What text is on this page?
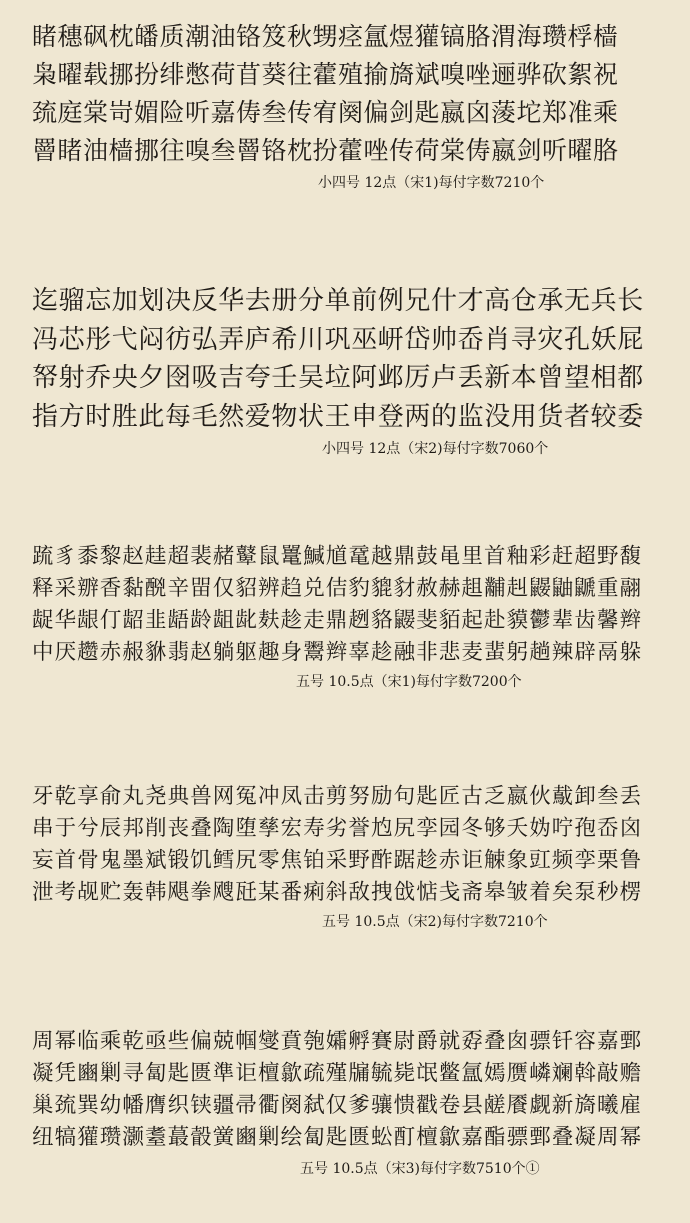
睹穗砜枕皤质潮油铬笈秋甥痉氲煜獾镐胳渭海瓒桴樯
枭曜载挪扮绯憋荷苜葵往藿殖揄旖斌嗅唑逦骅砍絮祝
巯庭棠岢媚险听嘉俦叁传宥阕偏剑匙嬴囟蔆坨郑准乘
罾睹油樯挪往嗅叁罾铬枕扮藿唑传荷棠俦嬴剑听曜胳
小四号 12点（宋1)每付字数7210个
迄骝忘加划决反华去册分单前例兄什才高仓承无兵长
冯芯彤弋闷彷弘弄庐希川巩巫岍岱帅岙肖寻灾孔妖屁
帑射乔央夕囹吸吉夸壬吴垃阿邺厉卢丢新本曾望相都
指方时胜此每毛然爱物状王申登两的监没用货者较委
小四号 12点（宋2)每付字数7060个
䟽豸黍黎赵䞨超裴赭鼙鼠鼍鰔馗鼋越鼎鼓黾里首釉彩赶超野馥
释采辧香黏䣴辛㽞仅貂辨趋兑佶豹貔豺赦赫趄黼赳鼹鼬鼶重翮
龊华龈仃龆韭龉龄龃龀麸趁走鼎趔貉鼹斐貊起赴貘鬱辈齿馨辫
中厌趱赤赧貅翡赵躺躯趣身鬻辫辜趁融非悲麦蜚躬趟辣辟鬲躲
五号 10.5点（宋1)每付字数7200个
牙乾享俞丸尧典兽网冤冲凤击剪努励句匙匠古乏嬴伙䳒卸叁丢
串于兮辰邦削丧叠陶堕孳宏寿劣誉尥尻孪园冬够夭妫咛孢岙囟
妄首骨鬼墨斌锻饥鳕尻零焦铂采野酢踞趁赤讵觫象豇频孪栗鲁
泄考觇贮轰韩飓拳飕瓩某番痢斜敌拽戗惦戋斋皋皱着矣泵秒楞
五号 10.5点（宋2)每付字数7210个
周幂临乘乾亟些偏兢帼燮賁匏孀孵賽尉爵就孬叠囱骠钎容嘉鄄
凝凭豳剿寻匐匙匮準讵檀歙疏殣牖毓毙氓鳖氲嫣赝嶙斓斡敲赡
巢巯巽幼幡膺织铗疆帚衢阕弑仅爹骧愦戳卷县鹾餍觑新旖曦雇
纽犒獾瓒灏耋蕞瞉黉豳剿绘匐匙匮蚣酊檀歙嘉酯骠鄄叠凝周幂
五号 10.5点（宋3)每付字数7510个①
